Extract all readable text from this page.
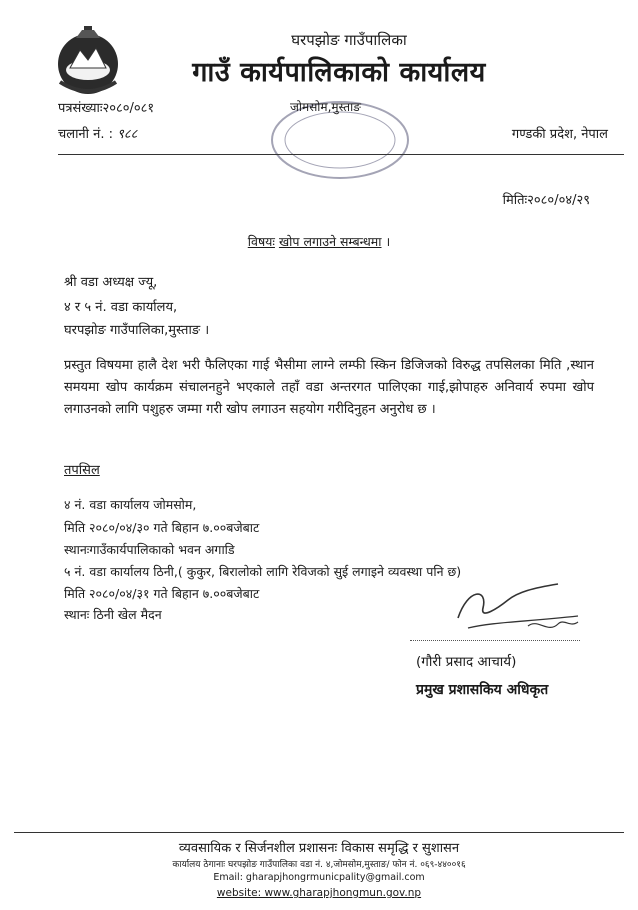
घरपझोङ गाउँपालिका
गाउँ कार्यपालिकाको कार्यालय
पत्रसंख्याः२०८०/०८१
चलानी नं. : ९८८
जोमसोम,मुस्ताङ
गण्डकी प्रदेश, नेपाल
मितिः२०८०/०४/२९
विषयः खोप लगाउने सम्बन्धमा ।
श्री वडा अध्यक्ष ज्यू,
४ र ५ नं. वडा कार्यालय,
घरपझोङ गाउँपालिका,मुस्ताङ ।
प्रस्तुत विषयमा हालै देश भरी फैलिएका गाई भैसीमा लाग्ने लम्फी स्किन डिजिजको विरुद्ध तपसिलका मिति ,स्थान समयमा खोप कार्यक्रम संचालनहुने भएकाले तहाँ वडा अन्तरगत पालिएका गाई,झोपाहरु अनिवार्य रुपमा खोप लगाउनको लागि पशुहरु जम्मा गरी खोप लगाउन सहयोग गरीदिनुहन अनुरोध छ ।
तपसिल
४ नं. वडा कार्यालय जोमसोम,
मिति २०८०/०४/३० गते बिहान ७.००बजेबाट
स्थानःगाउँकार्यपालिकाको भवन अगाडि
५ नं. वडा कार्यालय ठिनी,( कुकुर, बिरालोको लागि रेविजको सुई लगाइने व्यवस्था पनि छ)
मिति २०८०/०४/३१ गते बिहान ७.००बजेबाट
स्थानः ठिनी खेल मैदन
(गौरी प्रसाद आचार्य)
प्रमुख प्रशासकिय अधिकृत
व्यवसायिक र सिर्जनशील प्रशासनः विकास समृद्धि र सुशासन
कार्यालय ठेगानाः घरपझोङ गाउँपालिका वडा नं. ४,जोमसोम,मुस्ताङ/ फोन नं. ०६९-४४००१६
Email: gharapjhongrmunicpality@gmail.com
website: www.gharapjhongmun.gov.np
